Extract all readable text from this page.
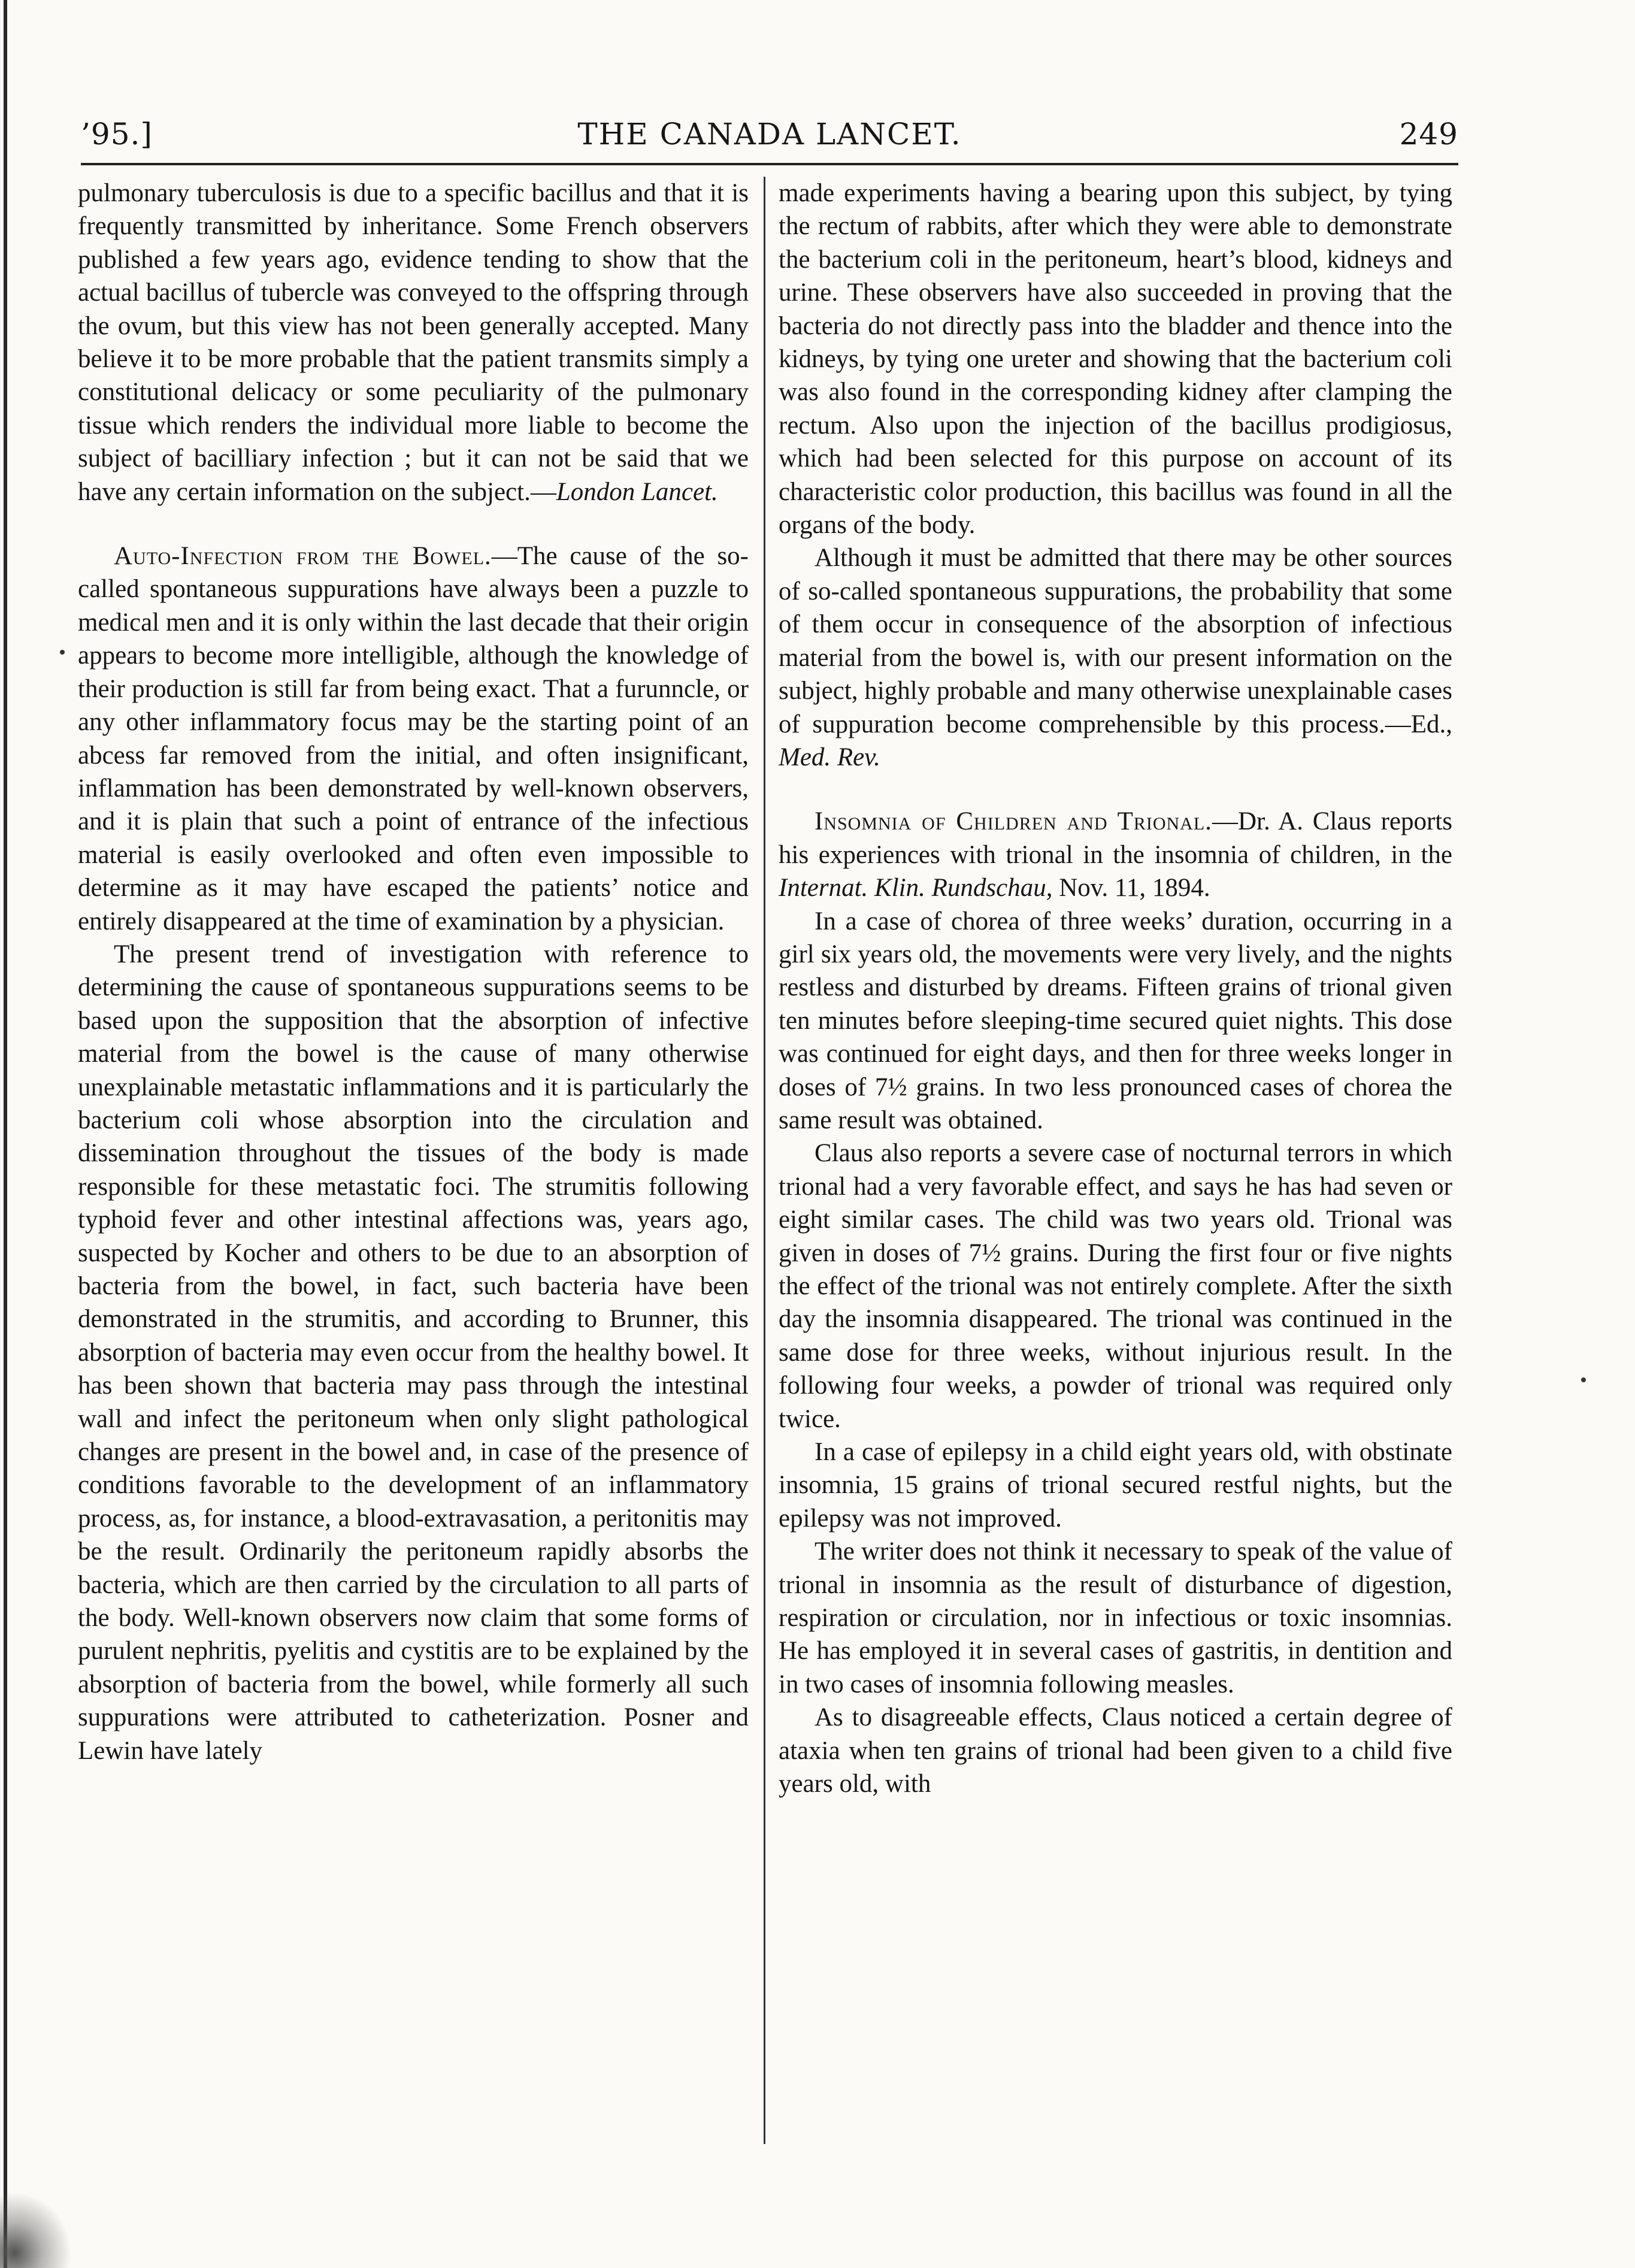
’95.]	THE CANADA LANCET.	249

pulmonary tuberculosis is due to a specific bacillus and that it is frequently transmitted by inheritance. Some French observers published a few years ago, evidence tending to show that the actual bacillus of tubercle was conveyed to the offspring through the ovum, but this view has not been generally accepted. Many believe it to be more probable that the patient transmits simply a constitutional delicacy or some peculiarity of the pulmonary tissue which renders the individual more liable to become the subject of bacilliary infection ; but it can not be said that we have any certain information on the subject.—London Lancet.

Auto-Infection from the Bowel.—The cause of the so-called spontaneous suppurations have always been a puzzle to medical men and it is only within the last decade that their origin appears to become more intelligible, although the knowledge of their production is still far from being exact. That a furunncle, or any other inflammatory focus may be the starting point of an abcess far removed from the initial, and often insignificant, inflammation has been demonstrated by well-known observers, and it is plain that such a point of entrance of the infectious material is easily overlooked and often even impossible to determine as it may have escaped the patients’ notice and entirely disappeared at the time of examination by a physician.

The present trend of investigation with reference to determining the cause of spontaneous suppurations seems to be based upon the supposition that the absorption of infective material from the bowel is the cause of many otherwise unexplainable metastatic inflammations and it is particularly the bacterium coli whose absorption into the circulation and dissemination throughout the tissues of the body is made responsible for these metastatic foci. The strumitis following typhoid fever and other intestinal affections was, years ago, suspected by Kocher and others to be due to an absorption of bacteria from the bowel, in fact, such bacteria have been demonstrated in the strumitis, and according to Brunner, this absorption of bacteria may even occur from the healthy bowel. It has been shown that bacteria may pass through the intestinal wall and infect the peritoneum when only slight pathological changes are present in the bowel and, in case of the presence of conditions favorable to the development of an inflammatory process, as, for instance, a blood-extravasation, a peritonitis may be the result. Ordinarily the peritoneum rapidly absorbs the bacteria, which are then carried by the circulation to all parts of the body. Well-known observers now claim that some forms of purulent nephritis, pyelitis and cystitis are to be explained by the absorption of bacteria from the bowel, while formerly all such suppurations were attributed to catheterization. Posner and Lewin have lately

made experiments having a bearing upon this subject, by tying the rectum of rabbits, after which they were able to demonstrate the bacterium coli in the peritoneum, heart’s blood, kidneys and urine. These observers have also succeeded in proving that the bacteria do not directly pass into the bladder and thence into the kidneys, by tying one ureter and showing that the bacterium coli was also found in the corresponding kidney after clamping the rectum. Also upon the injection of the bacillus prodigiosus, which had been selected for this purpose on account of its characteristic color production, this bacillus was found in all the organs of the body.

Although it must be admitted that there may be other sources of so-called spontaneous suppurations, the probability that some of them occur in consequence of the absorption of infectious material from the bowel is, with our present information on the subject, highly probable and many otherwise unexplainable cases of suppuration become comprehensible by this process.—Ed., Med. Rev.

Insomnia of Children and Trional.—Dr. A. Claus reports his experiences with trional in the insomnia of children, in the Internat. Klin. Rundschau, Nov. 11, 1894.

In a case of chorea of three weeks’ duration, occurring in a girl six years old, the movements were very lively, and the nights restless and disturbed by dreams. Fifteen grains of trional given ten minutes before sleeping-time secured quiet nights. This dose was continued for eight days, and then for three weeks longer in doses of 7½ grains. In two less pronounced cases of chorea the same result was obtained.

Claus also reports a severe case of nocturnal terrors in which trional had a very favorable effect, and says he has had seven or eight similar cases. The child was two years old. Trional was given in doses of 7½ grains. During the first four or five nights the effect of the trional was not entirely complete. After the sixth day the insomnia disappeared. The trional was continued in the same dose for three weeks, without injurious result. In the following four weeks, a powder of trional was required only twice.

In a case of epilepsy in a child eight years old, with obstinate insomnia, 15 grains of trional secured restful nights, but the epilepsy was not improved.

The writer does not think it necessary to speak of the value of trional in insomnia as the result of disturbance of digestion, respiration or circulation, nor in infectious or toxic insomnias. He has employed it in several cases of gastritis, in dentition and in two cases of insomnia following measles.

As to disagreeable effects, Claus noticed a certain degree of ataxia when ten grains of trional had been given to a child five years old, with
